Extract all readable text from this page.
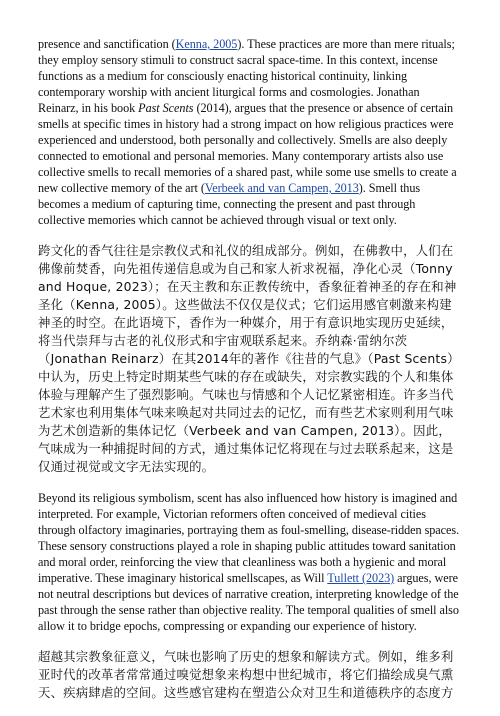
presence and sanctification (Kenna, 2005). These practices are more than mere rituals; they employ sensory stimuli to construct sacral space-time. In this context, incense functions as a medium for consciously enacting historical continuity, linking contemporary worship with ancient liturgical forms and cosmologies. Jonathan Reinarz, in his book Past Scents (2014), argues that the presence or absence of certain smells at specific times in history had a strong impact on how religious practices were experienced and understood, both personally and collectively. Smells are also deeply connected to emotional and personal memories. Many contemporary artists also use collective smells to recall memories of a shared past, while some use smells to create a new collective memory of the art (Verbeek and van Campen, 2013). Smell thus becomes a medium of capturing time, connecting the present and past through collective memories which cannot be achieved through visual or text only.

跨文化的香气往往是宗教仪式和礼仪的组成部分。例如，在佛教中，人们在佛像前焚香，向先祖传递信息或为自己和家人祈求祝福，净化心灵（Tonny and Hoque, 2023）；在天主教和东正教传统中，香象征着神圣的存在和神圣化（Kenna, 2005）。这些做法不仅仅是仪式；它们运用感官刺激来构建神圣的时空。在此语境下，香作为一种媒介，用于有意识地实现历史延续，将当代崇拜与古老的礼仪形式和宇宙观联系起来。乔纳森·雷纳尔茨（Jonathan Reinarz）在其2014年的著作《往昔的气息》（Past Scents）中认为，历史上特定时期某些气味的存在或缺失，对宗教实践的个人和集体体验与理解产生了强烈影响。气味也与情感和个人记忆紧密相连。许多当代艺术家也利用集体气味来唤起对共同过去的记忆，而有些艺术家则利用气味为艺术创造新的集体记忆（Verbeek and van Campen, 2013）。因此，气味成为一种捕捉时间的方式，通过集体记忆将现在与过去联系起来，这是仅通过视觉或文字无法实现的。

Beyond its religious symbolism, scent has also influenced how history is imagined and interpreted. For example, Victorian reformers often conceived of medieval cities through olfactory imaginaries, portraying them as foul-smelling, disease-ridden spaces. These sensory constructions played a role in shaping public attitudes toward sanitation and moral order, reinforcing the view that cleanliness was both a hygienic and moral imperative. These imaginary historical smellscapes, as Will Tullett (2023) argues, were not neutral descriptions but devices of narrative creation, interpreting knowledge of the past through the sense rather than objective reality. The temporal qualities of smell also allow it to bridge epochs, compressing or expanding our experience of history.

超越其宗教象征意义，气味也影响了历史的想象和解读方式。例如，维多利亚时代的改革者常常通过嗅觉想象来构想中世纪城市，将它们描绘成臭气熏天、疾病肆虐的空间。这些感官建构在塑造公众对卫生和道德秩序的态度方
